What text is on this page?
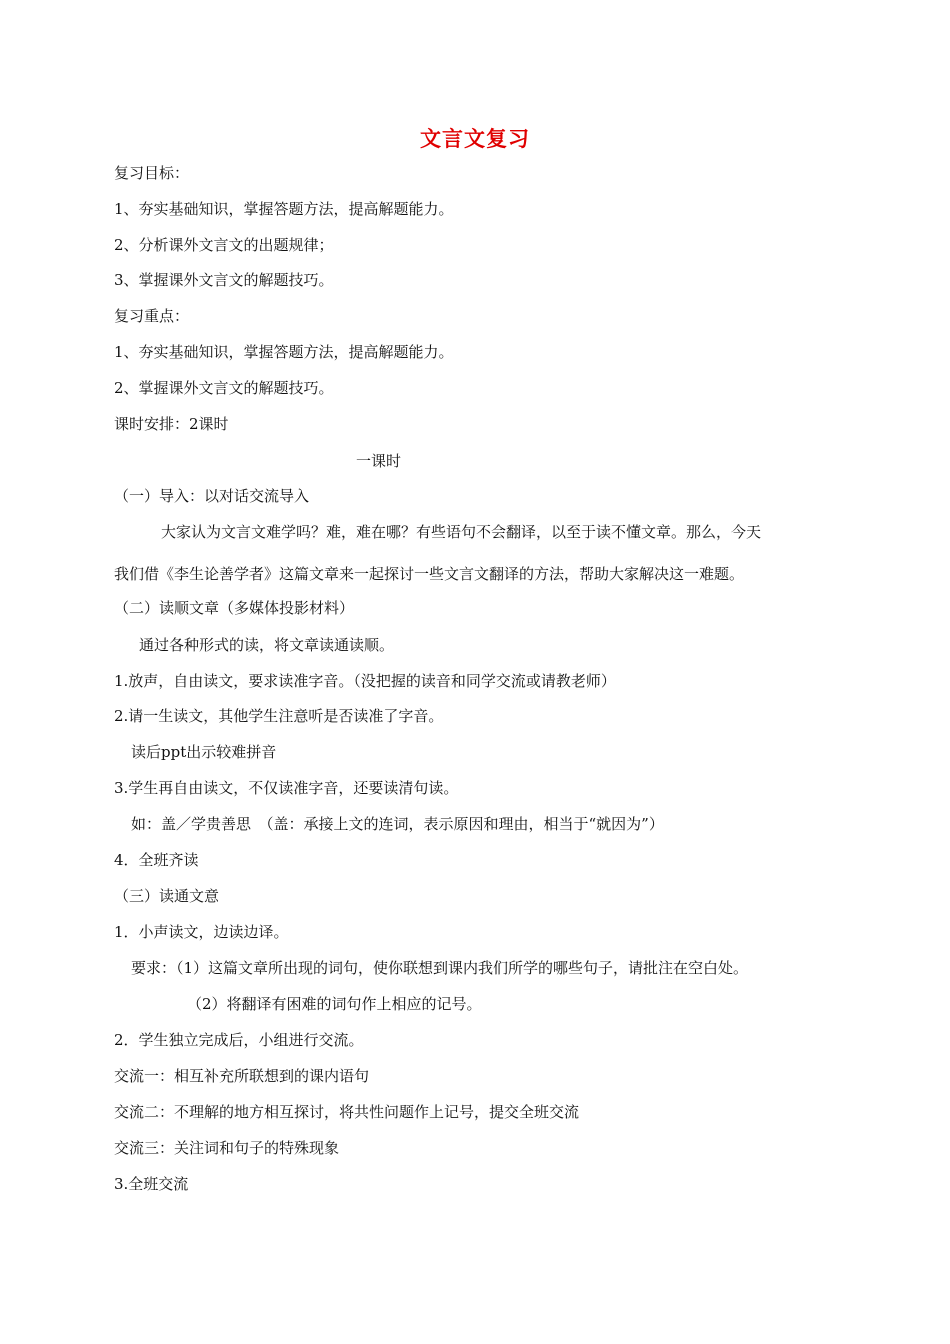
文言文复习
复习目标：
1、夯实基础知识，掌握答题方法，提高解题能力。
2、分析课外文言文的出题规律；
3、掌握课外文言文的解题技巧。
复习重点：
1、夯实基础知识，掌握答题方法，提高解题能力。
2、掌握课外文言文的解题技巧。
课时安排：2课时
一课时
（一）导入：以对话交流导入
大家认为文言文难学吗？难，难在哪？有些语句不会翻译，以至于读不懂文章。那么，今天
我们借《李生论善学者》这篇文章来一起探讨一些文言文翻译的方法，帮助大家解决这一难题。
（二）读顺文章（多媒体投影材料）
通过各种形式的读，将文章读通读顺。
1.放声，自由读文，要求读准字音。（没把握的读音和同学交流或请教老师）
2.请一生读文，其他学生注意听是否读准了字音。
读后ppt出示较难拼音
3.学生再自由读文，不仅读准字音，还要读清句读。
如：盖／学贵善思　（盖：承接上文的连词，表示原因和理由，相当于“就因为”）
4．全班齐读
（三）读通文意
1．小声读文，边读边译。
要求：（1）这篇文章所出现的词句，使你联想到课内我们所学的哪些句子，请批注在空白处。
（2）将翻译有困难的词句作上相应的记号。
2．学生独立完成后，小组进行交流。
交流一：相互补充所联想到的课内语句
交流二：不理解的地方相互探讨，将共性问题作上记号，提交全班交流
交流三：关注词和句子的特殊现象
3.全班交流
